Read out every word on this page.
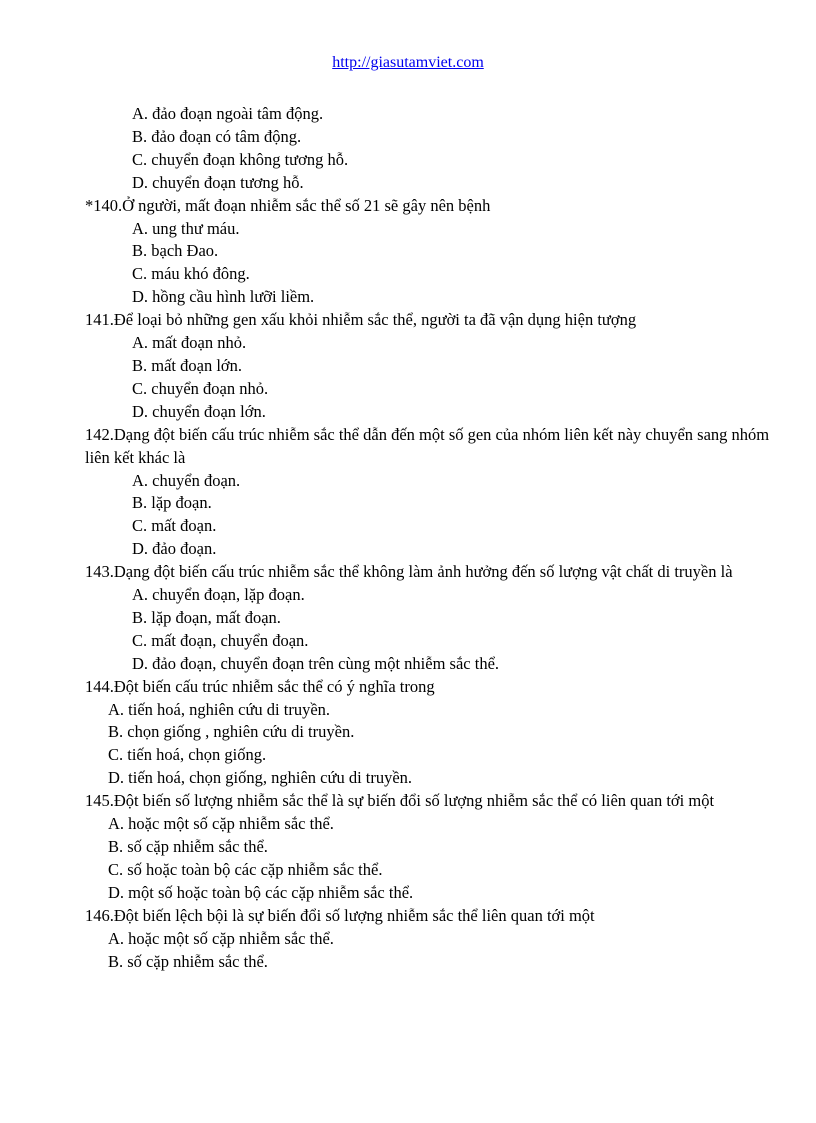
http://giasutamviet.com
A. đảo đoạn ngoài tâm động.
B. đảo đoạn có tâm động.
C. chuyển đoạn không tương hỗ.
D. chuyển đoạn tương hỗ.
*140.Ở người, mất đoạn nhiễm sắc thể số 21 sẽ gây nên bệnh
A. ung thư máu.
B. bạch Đao.
C. máu khó đông.
D. hồng cầu hình lưỡi liềm.
141.Để loại bỏ những gen xấu khỏi nhiễm sắc thể, người ta đã vận dụng hiện tượng
A. mất đoạn nhỏ.
B. mất đoạn lớn.
C. chuyển đoạn nhỏ.
D. chuyển đoạn lớn.
142.Dạng đột biến cấu trúc nhiễm sắc thể dẫn đến một số gen của nhóm liên kết này chuyển sang nhóm liên kết khác là
A. chuyển đoạn.
B. lặp đoạn.
C. mất đoạn.
D. đảo đoạn.
143.Dạng đột biến cấu trúc nhiễm sắc thể không làm ảnh hưởng đến số lượng vật chất di truyền là
A. chuyển đoạn, lặp đoạn.
B. lặp đoạn, mất đoạn.
C. mất đoạn, chuyển đoạn.
D. đảo đoạn, chuyển đoạn trên cùng một nhiễm sắc thể.
144.Đột biến cấu trúc nhiễm sắc thể có ý nghĩa trong
A. tiến hoá, nghiên cứu di truyền.
B. chọn giống , nghiên cứu di truyền.
C. tiến hoá, chọn giống.
D. tiến hoá, chọn giống, nghiên cứu di truyền.
145.Đột biến số lượng nhiễm sắc thể là sự biến đổi số lượng nhiễm sắc thể có liên quan tới một
A. hoặc một số cặp nhiễm sắc thể.
B. số cặp nhiễm sắc thể.
C. số hoặc toàn bộ các cặp nhiễm sắc thể.
D. một số hoặc toàn bộ các cặp nhiễm sắc thể.
146.Đột biến lệch bội là sự biến đổi số lượng nhiễm sắc thể liên quan tới một
A. hoặc một số cặp nhiễm sắc thể.
B. số cặp nhiễm sắc thể.
